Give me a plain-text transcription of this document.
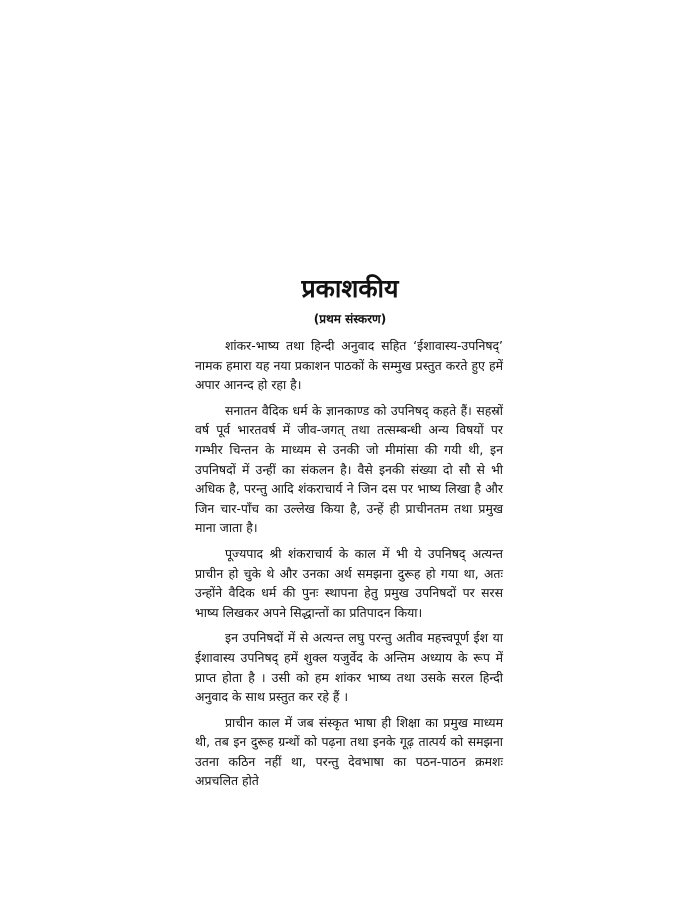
प्रकाशकीय
(प्रथम संस्करण)

शांकर-भाष्य तथा हिन्दी अनुवाद सहित ‘ईशावास्य-उपनिषद्’ नामक हमारा यह नया प्रकाशन पाठकों के सम्मुख प्रस्तुत करते हुए हमें अपार आनन्द हो रहा है।

सनातन वैदिक धर्म के ज्ञानकाण्ड को उपनिषद् कहते हैं। सहस्रों वर्ष पूर्व भारतवर्ष में जीव-जगत् तथा तत्सम्बन्धी अन्य विषयों पर गम्भीर चिन्तन के माध्यम से उनकी जो मीमांसा की गयी थी, इन उपनिषदों में उन्हीं का संकलन है। वैसे इनकी संख्या दो सौ से भी अधिक है, परन्तु आदि शंकराचार्य ने जिन दस पर भाष्य लिखा है और जिन चार-पाँच का उल्लेख किया है, उन्हें ही प्राचीनतम तथा प्रमुख माना जाता है।

पूज्यपाद श्री शंकराचार्य के काल में भी ये उपनिषद् अत्यन्त प्राचीन हो चुके थे और उनका अर्थ समझना दुरूह हो गया था, अतः उन्होंने वैदिक धर्म की पुनः स्थापना हेतु प्रमुख उपनिषदों पर सरस भाष्य लिखकर अपने सिद्धान्तों का प्रतिपादन किया।

इन उपनिषदों में से अत्यन्त लघु परन्तु अतीव महत्त्वपूर्ण ईश या ईशावास्य उपनिषद् हमें शुक्ल यजुर्वेद के अन्तिम अध्याय के रूप में प्राप्त होता है । उसी को हम शांकर भाष्य तथा उसके सरल हिन्दी अनुवाद के साथ प्रस्तुत कर रहे हैं ।

प्राचीन काल में जब संस्कृत भाषा ही शिक्षा का प्रमुख माध्यम थी, तब इन दुरूह ग्रन्थों को पढ़ना तथा इनके गूढ़ तात्पर्य को समझना उतना कठिन नहीं था, परन्तु देवभाषा का पठन-पाठन क्रमशः अप्रचलित होते
